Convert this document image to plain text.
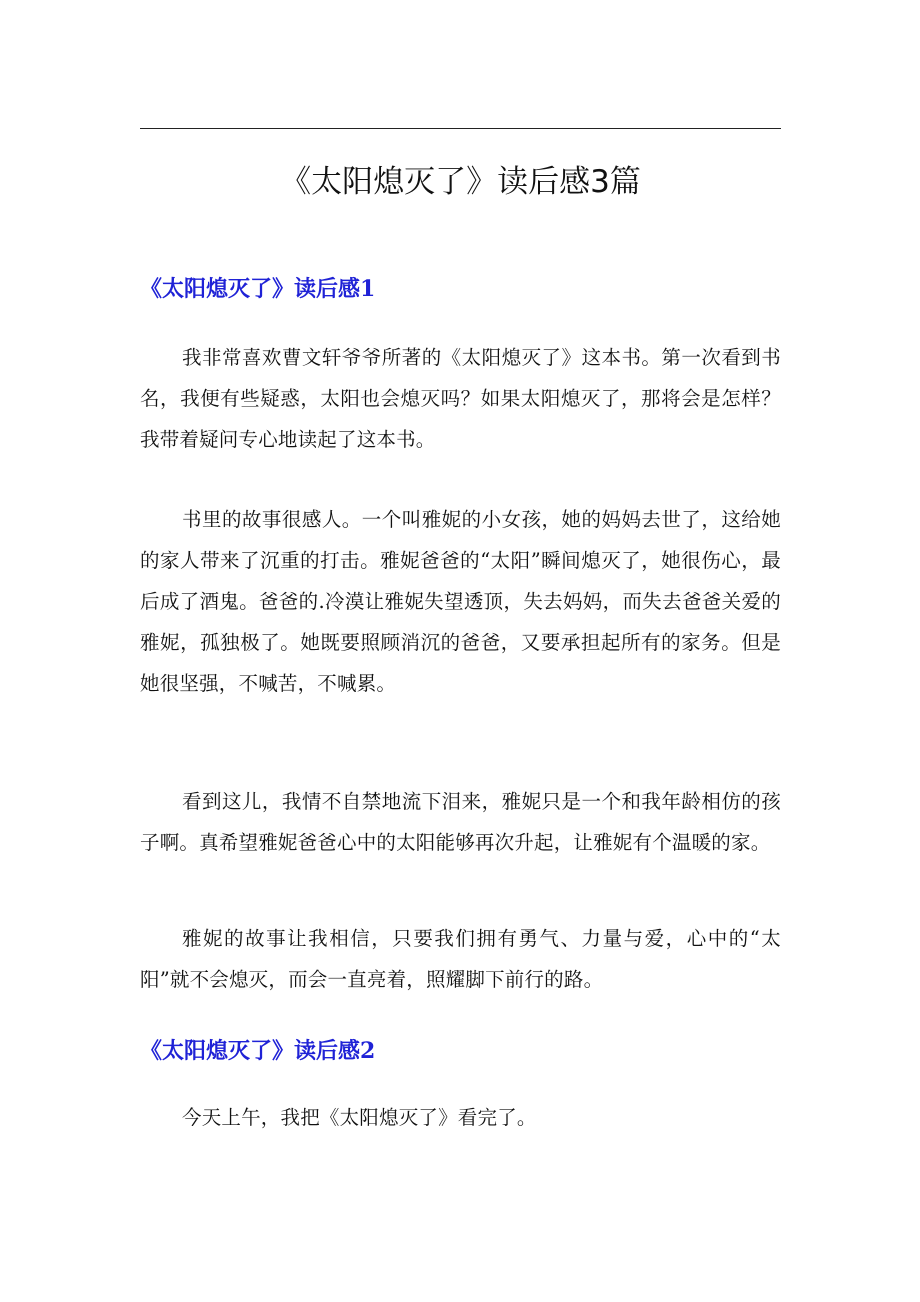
《太阳熄灭了》读后感3篇
《太阳熄灭了》读后感1

我非常喜欢曹文轩爷爷所著的《太阳熄灭了》这本书。第一次看到书名，我便有些疑惑，太阳也会熄灭吗？如果太阳熄灭了，那将会是怎样？我带着疑问专心地读起了这本书。

书里的故事很感人。一个叫雅妮的小女孩，她的妈妈去世了，这给她的家人带来了沉重的打击。雅妮爸爸的“太阳”瞬间熄灭了，她很伤心，最后成了酒鬼。爸爸的.冷漠让雅妮失望透顶，失去妈妈，而失去爸爸关爱的雅妮，孤独极了。她既要照顾消沉的爸爸，又要承担起所有的家务。但是她很坚强，不喊苦，不喊累。

看到这儿，我情不自禁地流下泪来，雅妮只是一个和我年龄相仿的孩子啊。真希望雅妮爸爸心中的太阳能够再次升起，让雅妮有个温暖的家。

雅妮的故事让我相信，只要我们拥有勇气、力量与爱，心中的“太阳”就不会熄灭，而会一直亮着，照耀脚下前行的路。

《太阳熄灭了》读后感2

今天上午，我把《太阳熄灭了》看完了。
